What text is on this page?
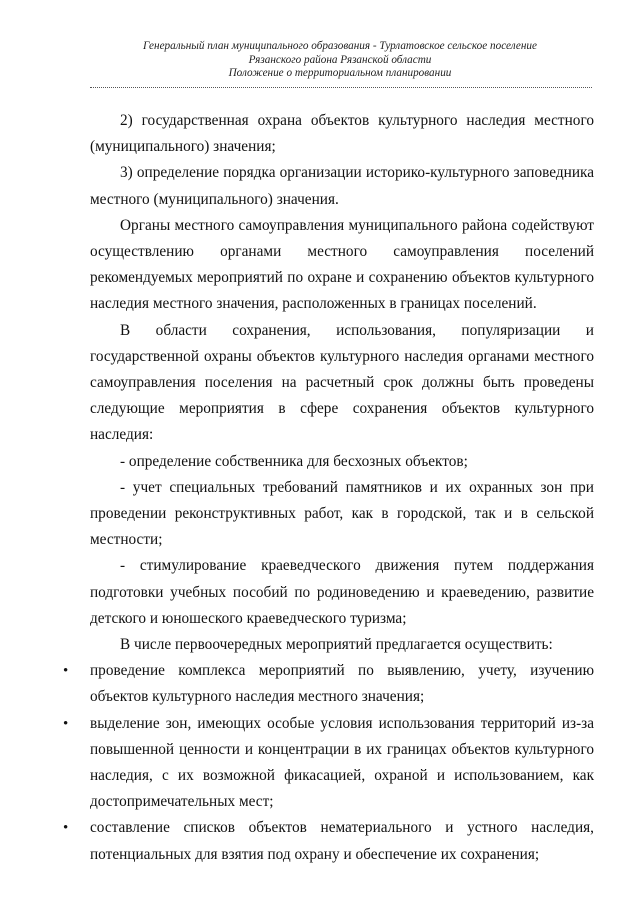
Генеральный план муниципального образования - Турлатовское сельское поселение
Рязанского района Рязанской области
Положение о территориальном планировании

2) государственная охрана объектов культурного наследия местного (муниципального) значения;

3) определение порядка организации историко-культурного заповедника местного (муниципального) значения.

Органы местного самоуправления муниципального района содействуют осуществлению органами местного самоуправления поселений рекомендуемых мероприятий по охране и сохранению объектов культурного наследия местного значения, расположенных в границах поселений.

В области сохранения, использования, популяризации и государственной охраны объектов культурного наследия органами местного самоуправления поселения на расчетный срок должны быть проведены следующие мероприятия в сфере сохранения объектов культурного наследия:

- определение собственника для бесхозных объектов;

- учет специальных требований памятников и их охранных зон при проведении реконструктивных работ, как в городской, так и в сельской местности;

- стимулирование краеведческого движения путем поддержания подготовки учебных пособий по родиноведению и краеведению, развитие детского и юношеского краеведческого туризма;

В числе первоочередных мероприятий предлагается осуществить:

• проведение комплекса мероприятий по выявлению, учету, изучению объектов культурного наследия местного значения;
• выделение зон, имеющих особые условия использования территорий из-за повышенной ценности и концентрации в их границах объектов культурного наследия, с их возможной фикасацией, охраной и использованием, как достопримечательных мест;
• составление списков объектов нематериального и устного наследия, потенциальных для взятия под охрану и обеспечение их сохранения;
